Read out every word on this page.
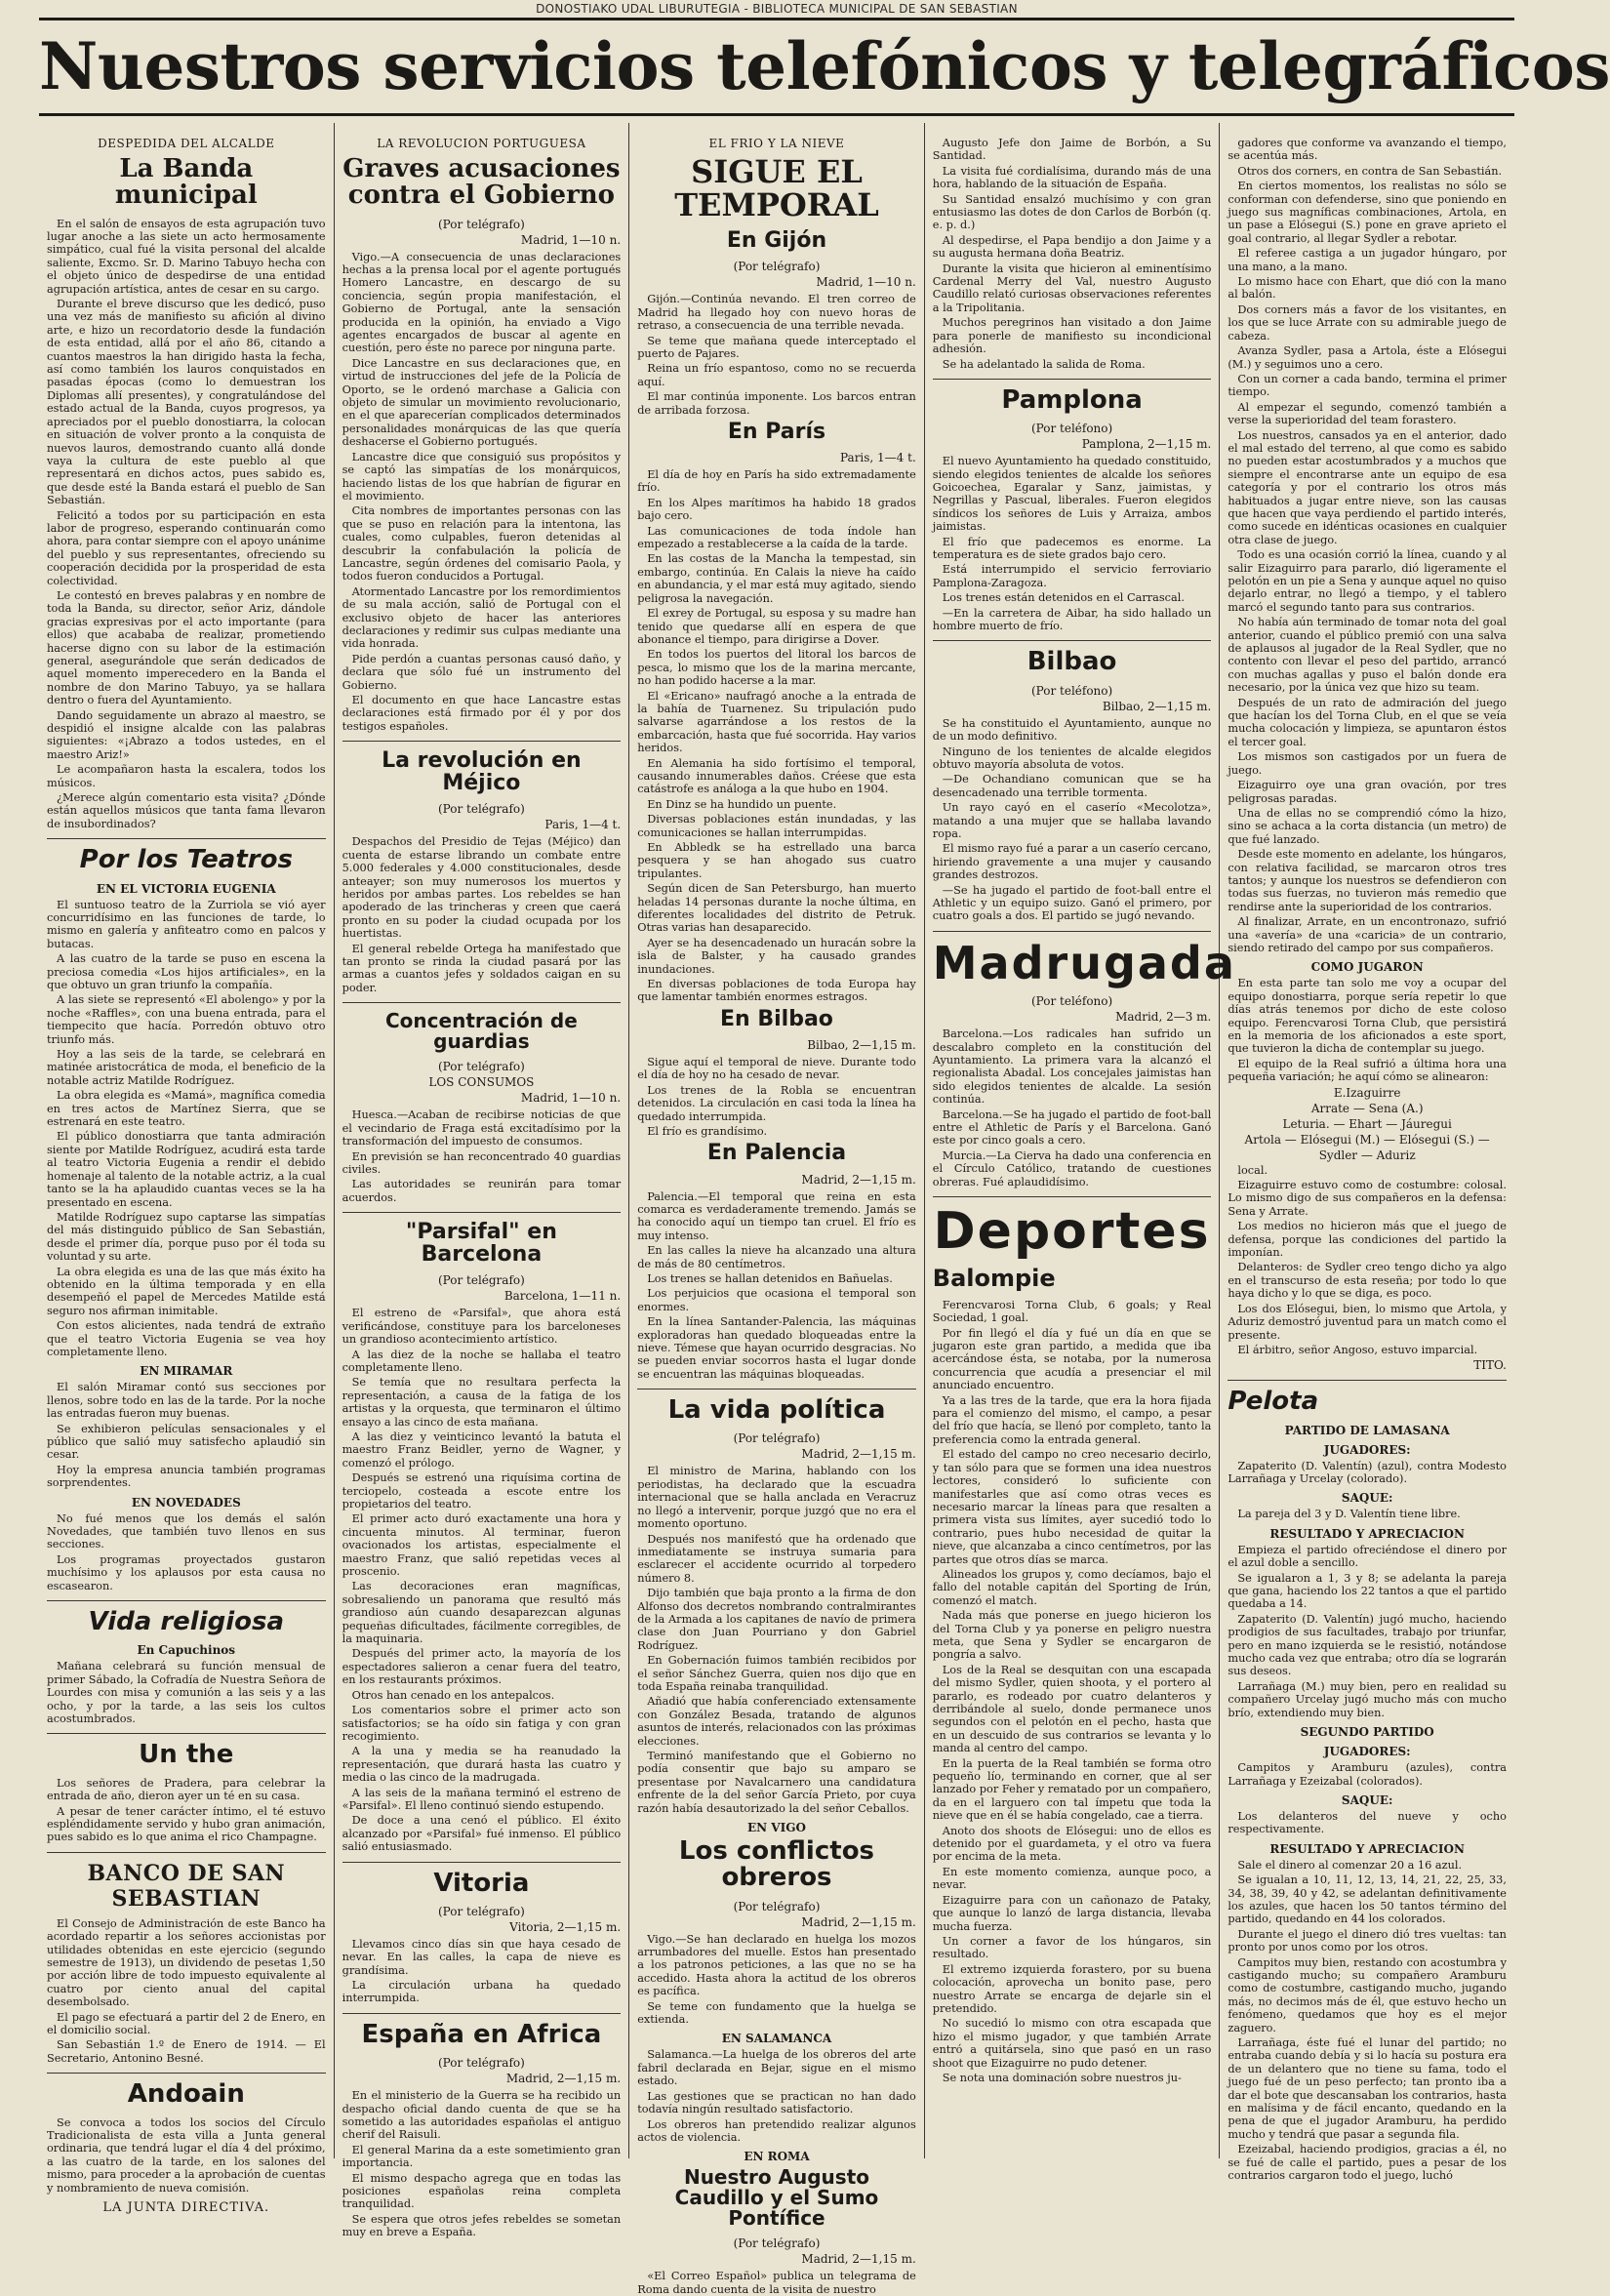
DONOSTIAKO UDAL LIBURUTEGIA - BIBLIOTECA MUNICIPAL DE SAN SEBASTIAN
Nuestros servicios telefónicos y telegráficos
DESPEDIDA DEL ALCALDE
La Banda municipal

En el salón de ensayos de esta agrupación tuvo lugar anoche a las siete un acto hermosamente simpático, cual fué la visita personal del alcalde saliente, Excmo. Sr. D. Marino Tabuyo hecha con el objeto único de despedirse de una entidad agrupación artística, antes de cesar en su cargo.

Durante el breve discurso que les dedicó, puso una vez más de manifiesto su afición al divino arte, e hizo un recordatorio desde la fundación de esta entidad, allá por el año 86, citando a cuantos maestros la han dirigido hasta la fecha, así como también los lauros conquistados en pasadas épocas (como lo demuestran los Diplomas allí presentes), y congratulándose del estado actual de la Banda, cuyos progresos, ya apreciados por el pueblo donostiarra, la colocan en situación de volver pronto a la conquista de nuevos lauros, demostrando cuanto allá donde vaya la cultura de este pueblo al que representará en dichos actos, pues sabido es, que desde esté la Banda estará el pueblo de San Sebastián.

Felicitó a todos por su participación en esta labor de progreso, esperando continuarán como ahora, para contar siempre con el apoyo unánime del pueblo y sus representantes, ofreciendo su cooperación decidida por la prosperidad de esta colectividad.

Le contestó en breves palabras y en nombre de toda la Banda, su director, señor Ariz, dándole gracias expresivas por el acto importante (para ellos) que acababa de realizar, prometiendo hacerse digno con su labor de la estimación general, asegurándole que serán dedicados de aquel momento imperecedero en la Banda el nombre de don Marino Tabuyo, ya se hallara dentro o fuera del Ayuntamiento.

Dando seguidamente un abrazo al maestro, se despidió el insigne alcalde con las palabras siguientes: «¡Abrazo a todos ustedes, en el maestro Ariz!»

Le acompañaron hasta la escalera, todos los músicos.

¿Merece algún comentario esta visita? ¿Dónde están aquellos músicos que tanta fama llevaron de insubordinados?

Por los Teatros
EN EL VICTORIA EUGENIA

El suntuoso teatro de la Zurriola se vió ayer concurridísimo en las funciones de tarde, lo mismo en galería y anfiteatro como en palcos y butacas.

A las cuatro de la tarde se puso en escena la preciosa comedia «Los hijos artificiales», en la que obtuvo un gran triunfo la compañía.

A las siete se representó «El abolengo» y por la noche «Raffles», con una buena entrada, para el tiempecito que hacía. Porredón obtuvo otro triunfo más.

Hoy a las seis de la tarde, se celebrará en matinée aristocrática de moda, el beneficio de la notable actriz Matilde Rodríguez.

La obra elegida es «Mamá», magnífica comedia en tres actos de Martínez Sierra, que se estrenará en este teatro.

El público donostiarra que tanta admiración siente por Matilde Rodríguez, acudirá esta tarde al teatro Victoria Eugenia a rendir el debido homenaje al talento de la notable actriz, a la cual tanto se la ha aplaudido cuantas veces se la ha presentado en escena.

Matilde Rodríguez supo captarse las simpatías del más distinguido público de San Sebastián, desde el primer día, porque puso por él toda su voluntad y su arte.

La obra elegida es una de las que más éxito ha obtenido en la última temporada y en ella desempeñó el papel de Mercedes Matilde está seguro nos afirman inimitable.

Con estos alicientes, nada tendrá de extraño que el teatro Victoria Eugenia se vea hoy completamente lleno.

EN MIRAMAR

El salón Miramar contó sus secciones por llenos, sobre todo en las de la tarde. Por la noche las entradas fueron muy buenas.

Se exhibieron películas sensacionales y el público que salió muy satisfecho aplaudió sin cesar.

Hoy la empresa anuncia también programas sorprendentes.

EN NOVEDADES

No fué menos que los demás el salón Novedades, que también tuvo llenos en sus secciones.

Los programas proyectados gustaron muchísimo y los aplausos por esta causa no escasearon.

Vida religiosa
En Capuchinos

Mañana celebrará su función mensual de primer Sábado, la Cofradía de Nuestra Señora de Lourdes con misa y comunión a las seis y a las ocho, y por la tarde, a las seis los cultos acostumbrados.

Un the

Los señores de Pradera, para celebrar la entrada de año, dieron ayer un té en su casa.

A pesar de tener carácter íntimo, el té estuvo espléndidamente servido y hubo gran animación, pues sabido es lo que anima el rico Champagne.

BANCO DE SAN SEBASTIAN

El Consejo de Administración de este Banco ha acordado repartir a los señores accionistas por utilidades obtenidas en este ejercicio (segundo semestre de 1913), un dividendo de pesetas 1,50 por acción libre de todo impuesto equivalente al cuatro por ciento anual del capital desembolsado.

El pago se efectuará a partir del 2 de Enero, en el domicilio social.

San Sebastián 1.º de Enero de 1914. — El Secretario, Antonino Besné.

Andoain

Se convoca a todos los socios del Círculo Tradicionalista de esta villa a Junta general ordinaria, que tendrá lugar el día 4 del próximo, a las cuatro de la tarde, en los salones del mismo, para proceder a la aprobación de cuentas y nombramiento de nueva comisión.

LA JUNTA DIRECTIVA.
LA REVOLUCION PORTUGUESA
Graves acusaciones contra el Gobierno
(Por telégrafo)
Madrid, 1—10 n.

Vigo.—A consecuencia de unas declaraciones hechas a la prensa local por el agente portugués Homero Lancastre, en descargo de su conciencia, según propia manifestación, el Gobierno de Portugal, ante la sensación producida en la opinión, ha enviado a Vigo agentes encargados de buscar al agente en cuestión, pero éste no parece por ninguna parte.

Dice Lancastre en sus declaraciones que, en virtud de instrucciones del jefe de la Policía de Oporto, se le ordenó marchase a Galicia con objeto de simular un movimiento revolucionario, en el que aparecerían complicados determinados personalidades monárquicas de las que quería deshacerse el Gobierno portugués.

Lancastre dice que consiguió sus propósitos y se captó las simpatías de los monárquicos, haciendo listas de los que habrían de figurar en el movimiento.

Cita nombres de importantes personas con las que se puso en relación para la intentona, las cuales, como culpables, fueron detenidas al descubrir la confabulación la policía de Lancastre, según órdenes del comisario Paola, y todos fueron conducidos a Portugal.

Atormentado Lancastre por los remordimientos de su mala acción, salió de Portugal con el exclusivo objeto de hacer las anteriores declaraciones y redimir sus culpas mediante una vida honrada.

Pide perdón a cuantas personas causó daño, y declara que sólo fué un instrumento del Gobierno.

El documento en que hace Lancastre estas declaraciones está firmado por él y por dos testigos españoles.

La revolución en Méjico
(Por telégrafo)
Paris, 1—4 t.

Despachos del Presidio de Tejas (Méjico) dan cuenta de estarse librando un combate entre 5.000 federales y 4.000 constitucionales, desde anteayer; son muy numerosos los muertos y heridos por ambas partes. Los rebeldes se han apoderado de las trincheras y creen que caerá pronto en su poder la ciudad ocupada por los huertistas.

El general rebelde Ortega ha manifestado que tan pronto se rinda la ciudad pasará por las armas a cuantos jefes y soldados caigan en su poder.

Concentración de guardias
(Por telégrafo)
LOS CONSUMOS
Madrid, 1—10 n.

Huesca.—Acaban de recibirse noticias de que el vecindario de Fraga está excitadísimo por la transformación del impuesto de consumos.

En previsión se han reconcentrado 40 guardias civiles.

Las autoridades se reunirán para tomar acuerdos.

"Parsifal" en Barcelona
(Por telégrafo)
Barcelona, 1—11 n.

El estreno de «Parsifal», que ahora está verificándose, constituye para los barceloneses un grandioso acontecimiento artístico.

A las diez de la noche se hallaba el teatro completamente lleno.

Se temía que no resultara perfecta la representación, a causa de la fatiga de los artistas y la orquesta, que terminaron el último ensayo a las cinco de esta mañana.

A las diez y veinticinco levantó la batuta el maestro Franz Beidler, yerno de Wagner, y comenzó el prólogo.

Después se estrenó una riquísima cortina de terciopelo, costeada a escote entre los propietarios del teatro.

El primer acto duró exactamente una hora y cincuenta minutos. Al terminar, fueron ovacionados los artistas, especialmente el maestro Franz, que salió repetidas veces al proscenio.

Las decoraciones eran magníficas, sobresaliendo un panorama que resultó más grandioso aún cuando desaparezcan algunas pequeñas dificultades, fácilmente corregibles, de la maquinaria.

Después del primer acto, la mayoría de los espectadores salieron a cenar fuera del teatro, en los restaurants próximos.

Otros han cenado en los antepalcos.

Los comentarios sobre el primer acto son satisfactorios; se ha oído sin fatiga y con gran recogimiento.

A la una y media se ha reanudado la representación, que durará hasta las cuatro y media o las cinco de la madrugada.

A las seis de la mañana terminó el estreno de «Parsifal». El lleno continuó siendo estupendo.

De doce a una cenó el público. El éxito alcanzado por «Parsifal» fué inmenso. El público salió entusiasmado.

Vitoria
(Por telégrafo)
Vitoria, 2—1,15 m.

Llevamos cinco días sin que haya cesado de nevar. En las calles, la capa de nieve es grandísima.

La circulación urbana ha quedado interrumpida.

España en Africa
(Por telégrafo)
Madrid, 2—1,15 m.

En el ministerio de la Guerra se ha recibido un despacho oficial dando cuenta de que se ha sometido a las autoridades españolas el antiguo cherif del Raisuli.

El general Marina da a este sometimiento gran importancia.

El mismo despacho agrega que en todas las posiciones españolas reina completa tranquilidad.

Se espera que otros jefes rebeldes se sometan muy en breve a España.

EL FRIO Y LA NIEVE
SIGUE EL TEMPORAL
En Gijón
(Por telégrafo)
Madrid, 1—10 n.

Gijón.—Continúa nevando. El tren correo de Madrid ha llegado hoy con nuevo horas de retraso, a consecuencia de una terrible nevada.

Se teme que mañana quede interceptado el puerto de Pajares.

Reina un frío espantoso, como no se recuerda aquí.

El mar continúa imponente. Los barcos entran de arribada forzosa.

En París
Paris, 1—4 t.

El día de hoy en París ha sido extremadamente frío.

En los Alpes marítimos ha habido 18 grados bajo cero.

Las comunicaciones de toda índole han empezado a restablecerse a la caída de la tarde.

En las costas de la Mancha la tempestad, sin embargo, continúa. En Calais la nieve ha caído en abundancia, y el mar está muy agitado, siendo peligrosa la navegación.

El exrey de Portugal, su esposa y su madre han tenido que quedarse allí en espera de que abonance el tiempo, para dirigirse a Dover.

En todos los puertos del litoral los barcos de pesca, lo mismo que los de la marina mercante, no han podido hacerse a la mar.

El «Ericano» naufragó anoche a la entrada de la bahía de Tuarnenez. Su tripulación pudo salvarse agarrándose a los restos de la embarcación, hasta que fué socorrida. Hay varios heridos.

En Alemania ha sido fortísimo el temporal, causando innumerables daños. Créese que esta catástrofe es análoga a la que hubo en 1904.

En Dinz se ha hundido un puente.

Diversas poblaciones están inundadas, y las comunicaciones se hallan interrumpidas.

En Abbledk se ha estrellado una barca pesquera y se han ahogado sus cuatro tripulantes.

Según dicen de San Petersburgo, han muerto heladas 14 personas durante la noche última, en diferentes localidades del distrito de Petruk. Otras varias han desaparecido.

Ayer se ha desencadenado un huracán sobre la isla de Balster, y ha causado grandes inundaciones.

En diversas poblaciones de toda Europa hay que lamentar también enormes estragos.

En Bilbao
Bilbao, 2—1,15 m.

Sigue aquí el temporal de nieve. Durante todo el día de hoy no ha cesado de nevar.

Los trenes de la Robla se encuentran detenidos. La circulación en casi toda la línea ha quedado interrumpida.

El frío es grandísimo.

En Palencia
Madrid, 2—1,15 m.

Palencia.—El temporal que reina en esta comarca es verdaderamente tremendo. Jamás se ha conocido aquí un tiempo tan cruel. El frío es muy intenso.

En las calles la nieve ha alcanzado una altura de más de 80 centímetros.

Los trenes se hallan detenidos en Bañuelas.

Los perjuicios que ocasiona el temporal son enormes.

En la línea Santander-Palencia, las máquinas exploradoras han quedado bloqueadas entre la nieve. Témese que hayan ocurrido desgracias. No se pueden enviar socorros hasta el lugar donde se encuentran las máquinas bloqueadas.

La vida política
(Por telégrafo)
Madrid, 2—1,15 m.

El ministro de Marina, hablando con los periodistas, ha declarado que la escuadra internacional que se halla anclada en Veracruz no llegó a intervenir, porque juzgó que no era el momento oportuno.

Después nos manifestó que ha ordenado que inmediatamente se instruya sumaria para esclarecer el accidente ocurrido al torpedero número 8.

Dijo también que baja pronto a la firma de don Alfonso dos decretos nombrando contralmirantes de la Armada a los capitanes de navío de primera clase don Juan Pourriano y don Gabriel Rodríguez.

En Gobernación fuimos también recibidos por el señor Sánchez Guerra, quien nos dijo que en toda España reinaba tranquilidad.

Añadió que había conferenciado extensamente con González Besada, tratando de algunos asuntos de interés, relacionados con las próximas elecciones.

Terminó manifestando que el Gobierno no podía consentir que bajo su amparo se presentase por Navalcarnero una candidatura enfrente de la del señor García Prieto, por cuya razón había desautorizado la del señor Ceballos.

EN VIGO
Los conflictos obreros
(Por telégrafo)
Madrid, 2—1,15 m.

Vigo.—Se han declarado en huelga los mozos arrumbadores del muelle. Estos han presentado a los patronos peticiones, a las que no se ha accedido. Hasta ahora la actitud de los obreros es pacífica.

Se teme con fundamento que la huelga se extienda.

EN SALAMANCA

Salamanca.—La huelga de los obreros del arte fabril declarada en Bejar, sigue en el mismo estado.

Las gestiones que se practican no han dado todavía ningún resultado satisfactorio.

Los obreros han pretendido realizar algunos actos de violencia.

EN ROMA
Nuestro Augusto Caudillo y el Sumo Pontífice
(Por telégrafo)
Madrid, 2—1,15 m.

«El Correo Español» publica un telegrama de Roma dando cuenta de la visita de nuestro

Augusto Jefe don Jaime de Borbón, a Su Santidad.

La visita fué cordialísima, durando más de una hora, hablando de la situación de España.

Su Santidad ensalzó muchísimo y con gran entusiasmo las dotes de don Carlos de Borbón (q. e. p. d.)

Al despedirse, el Papa bendijo a don Jaime y a su augusta hermana doña Beatriz.

Durante la visita que hicieron al eminentísimo Cardenal Merry del Val, nuestro Augusto Caudillo relató curiosas observaciones referentes a la Tripolitania.

Muchos peregrinos han visitado a don Jaime para ponerle de manifiesto su incondicional adhesión.

Se ha adelantado la salida de Roma.

Pamplona
(Por teléfono)
Pamplona, 2—1,15 m.

El nuevo Ayuntamiento ha quedado constituido, siendo elegidos tenientes de alcalde los señores Goicoechea, Egaralar y Sanz, jaimistas, y Negrillas y Pascual, liberales. Fueron elegidos síndicos los señores de Luis y Arraiza, ambos jaimistas.

El frío que padecemos es enorme. La temperatura es de siete grados bajo cero.

Está interrumpido el servicio ferroviario Pamplona-Zaragoza.

Los trenes están detenidos en el Carrascal.

—En la carretera de Aibar, ha sido hallado un hombre muerto de frío.

Bilbao
(Por teléfono)
Bilbao, 2—1,15 m.

Se ha constituido el Ayuntamiento, aunque no de un modo definitivo.

Ninguno de los tenientes de alcalde elegidos obtuvo mayoría absoluta de votos.

—De Ochandiano comunican que se ha desencadenado una terrible tormenta.

Un rayo cayó en el caserío «Mecolotza», matando a una mujer que se hallaba lavando ropa.

El mismo rayo fué a parar a un caserío cercano, hiriendo gravemente a una mujer y causando grandes destrozos.

—Se ha jugado el partido de foot-ball entre el Athletic y un equipo suizo. Ganó el primero, por cuatro goals a dos. El partido se jugó nevando.

Madrugada
(Por teléfono)
Madrid, 2—3 m.

Barcelona.—Los radicales han sufrido un descalabro completo en la constitución del Ayuntamiento. La primera vara la alcanzó el regionalista Abadal. Los concejales jaimistas han sido elegidos tenientes de alcalde. La sesión continúa.

Barcelona.—Se ha jugado el partido de foot-ball entre el Athletic de París y el Barcelona. Ganó este por cinco goals a cero.

Murcia.—La Cierva ha dado una conferencia en el Círculo Católico, tratando de cuestiones obreras. Fué aplaudidísimo.

Deportes
Balompie

Ferencvarosi Torna Club, 6 goals; y Real Sociedad, 1 goal.

Por fin llegó el día y fué un día en que se jugaron este gran partido, a medida que iba acercándose ésta, se notaba, por la numerosa concurrencia que acudía a presenciar el mil anunciado encuentro.

Ya a las tres de la tarde, que era la hora fijada para el comienzo del mismo, el campo, a pesar del frío que hacía, se llenó por completo, tanto la preferencia como la entrada general.

El estado del campo no creo necesario decirlo, y tan sólo para que se formen una idea nuestros lectores, consideró lo suficiente con manifestarles que así como otras veces es necesario marcar la líneas para que resalten a primera vista sus límites, ayer sucedió todo lo contrario, pues hubo necesidad de quitar la nieve, que alcanzaba a cinco centímetros, por las partes que otros días se marca.

Alineados los grupos y, como decíamos, bajo el fallo del notable capitán del Sporting de Irún, comenzó el match.

Nada más que ponerse en juego hicieron los del Torna Club y ya ponerse en peligro nuestra meta, que Sena y Sydler se encargaron de pongría a salvo.

Los de la Real se desquitan con una escapada del mismo Sydler, quien shoota, y el portero al pararlo, es rodeado por cuatro delanteros y derribándole al suelo, donde permanece unos segundos con el pelotón en el pecho, hasta que en un descuido de sus contrarios se levanta y lo manda al centro del campo.

En la puerta de la Real también se forma otro pequeño lío, terminando en corner, que al ser lanzado por Feher y rematado por un compañero, da en el larguero con tal ímpetu que toda la nieve que en él se había congelado, cae a tierra.

Anoto dos shoots de Elósegui: uno de ellos es detenido por el guardameta, y el otro va fuera por encima de la meta.

En este momento comienza, aunque poco, a nevar.

Eizaguirre para con un cañonazo de Pataky, que aunque lo lanzó de larga distancia, llevaba mucha fuerza.

Un corner a favor de los húngaros, sin resultado.

El extremo izquierda forastero, por su buena colocación, aprovecha un bonito pase, pero nuestro Arrate se encarga de dejarle sin el pretendido.

No sucedió lo mismo con otra escapada que hizo el mismo jugador, y que también Arrate entró a quitársela, sino que pasó en un raso shoot que Eizaguirre no pudo detener.

Se nota una dominación sobre nuestros ju-

gadores que conforme va avanzando el tiempo, se acentúa más.

Otros dos corners, en contra de San Sebastián.

En ciertos momentos, los realistas no sólo se conforman con defenderse, sino que poniendo en juego sus magníficas combinaciones, Artola, en un pase a Elósegui (S.) pone en grave aprieto el goal contrario, al llegar Sydler a rebotar.

El referee castiga a un jugador húngaro, por una mano, a la mano.

Lo mismo hace con Ehart, que dió con la mano al balón.

Dos corners más a favor de los visitantes, en los que se luce Arrate con su admirable juego de cabeza.

Avanza Sydler, pasa a Artola, éste a Elósegui (M.) y seguimos uno a cero.

Con un corner a cada bando, termina el primer tiempo.

Al empezar el segundo, comenzó también a verse la superioridad del team forastero.

Los nuestros, cansados ya en el anterior, dado el mal estado del terreno, al que como es sabido no pueden estar acostumbrados y a muchos que siempre el encontrarse ante un equipo de esa categoría y por el contrario los otros más habituados a jugar entre nieve, son las causas que hacen que vaya perdiendo el partido interés, como sucede en idénticas ocasiones en cualquier otra clase de juego.

Todo es una ocasión corrió la línea, cuando y al salir Eizaguirro para pararlo, dió ligeramente el pelotón en un pie a Sena y aunque aquel no quiso dejarlo entrar, no llegó a tiempo, y el tablero marcó el segundo tanto para sus contrarios.

No había aún terminado de tomar nota del goal anterior, cuando el público premió con una salva de aplausos al jugador de la Real Sydler, que no contento con llevar el peso del partido, arrancó con muchas agallas y puso el balón donde era necesario, por la única vez que hizo su team.

Después de un rato de admiración del juego que hacían los del Torna Club, en el que se veía mucha colocación y limpieza, se apuntaron éstos el tercer goal.

Los mismos son castigados por un fuera de juego.

Eizaguirro oye una gran ovación, por tres peligrosas paradas.

Una de ellas no se comprendió cómo la hizo, sino se achaca a la corta distancia (un metro) de que fué lanzado.

Desde este momento en adelante, los húngaros, con relativa facilidad, se marcaron otros tres tantos; y aunque los nuestros se defendieron con todas sus fuerzas, no tuvieron más remedio que rendirse ante la superioridad de los contrarios.

Al finalizar, Arrate, en un encontronazo, sufrió una «avería» de una «caricia» de un contrario, siendo retirado del campo por sus compañeros.

COMO JUGARON

En esta parte tan solo me voy a ocupar del equipo donostiarra, porque sería repetir lo que días atrás tenemos por dicho de este coloso equipo. Ferencvarosi Torna Club, que persistirá en la memoria de los aficionados a este sport, que tuvieron la dicha de contemplar su juego.

El equipo de la Real sufrió a última hora una pequeña variación; he aquí cómo se alinearon:

E.Izaguirre
Arrate — Sena (A.)
Leturia. — Ehart — Jáuregui
Artola — Elósegui (M.) — Elósegui (S.) —
Sydler — Aduriz

local.

Eizaguirre estuvo como de costumbre: colosal. Lo mismo digo de sus compañeros en la defensa: Sena y Arrate.

Los medios no hicieron más que el juego de defensa, porque las condiciones del partido la imponían.

Delanteros: de Sydler creo tengo dicho ya algo en el transcurso de esta reseña; por todo lo que haya dicho y lo que se diga, es poco.

Los dos Elósegui, bien, lo mismo que Artola, y Aduriz demostró juventud para un match como el presente.

El árbitro, señor Angoso, estuvo imparcial.

TITO.
Pelota
PARTIDO DE LAMASANA
JUGADORES:

Zapaterito (D. Valentín) (azul), contra Modesto Larrañaga y Urcelay (colorado).

SAQUE:

La pareja del 3 y D. Valentín tiene libre.

RESULTADO Y APRECIACION

Empieza el partido ofreciéndose el dinero por el azul doble a sencillo.

Se igualaron a 1, 3 y 8; se adelanta la pareja que gana, haciendo los 22 tantos a que el partido quedaba a 14.

Zapaterito (D. Valentín) jugó mucho, haciendo prodigios de sus facultades, trabajo por triunfar, pero en mano izquierda se le resistió, notándose mucho cada vez que entraba; otro día se lograrán sus deseos.

Larrañaga (M.) muy bien, pero en realidad su compañero Urcelay jugó mucho más con mucho brío, extendiendo muy bien.

SEGUNDO PARTIDO
JUGADORES:

Campitos y Aramburu (azules), contra Larrañaga y Ezeizabal (colorados).

SAQUE:

Los delanteros del nueve y ocho respectivamente.

RESULTADO Y APRECIACION

Sale el dinero al comenzar 20 a 16 azul.

Se igualan a 10, 11, 12, 13, 14, 21, 22, 25, 33, 34, 38, 39, 40 y 42, se adelantan definitivamente los azules, que hacen los 50 tantos término del partido, quedando en 44 los colorados.

Durante el juego el dinero dió tres vueltas: tan pronto por unos como por los otros.

Campitos muy bien, restando con acostumbra y castigando mucho; su compañero Aramburu como de costumbre, castigando mucho, jugando más, no decimos más de él, que estuvo hecho un fenómeno, quedamos que hoy es el mejor zaguero.

Larrañaga, éste fué el lunar del partido; no entraba cuando debía y si lo hacía su postura era de un delantero que no tiene su fama, todo el juego fué de un peso perfecto; tan pronto iba a dar el bote que descansaban los contrarios, hasta en malísima y de fácil encanto, quedando en la pena de que el jugador Aramburu, ha perdido mucho y tendrá que pasar a segunda fila.

Ezeizabal, haciendo prodigios, gracias a él, no se fué de calle el partido, pues a pesar de los contrarios cargaron todo el juego, luchó
